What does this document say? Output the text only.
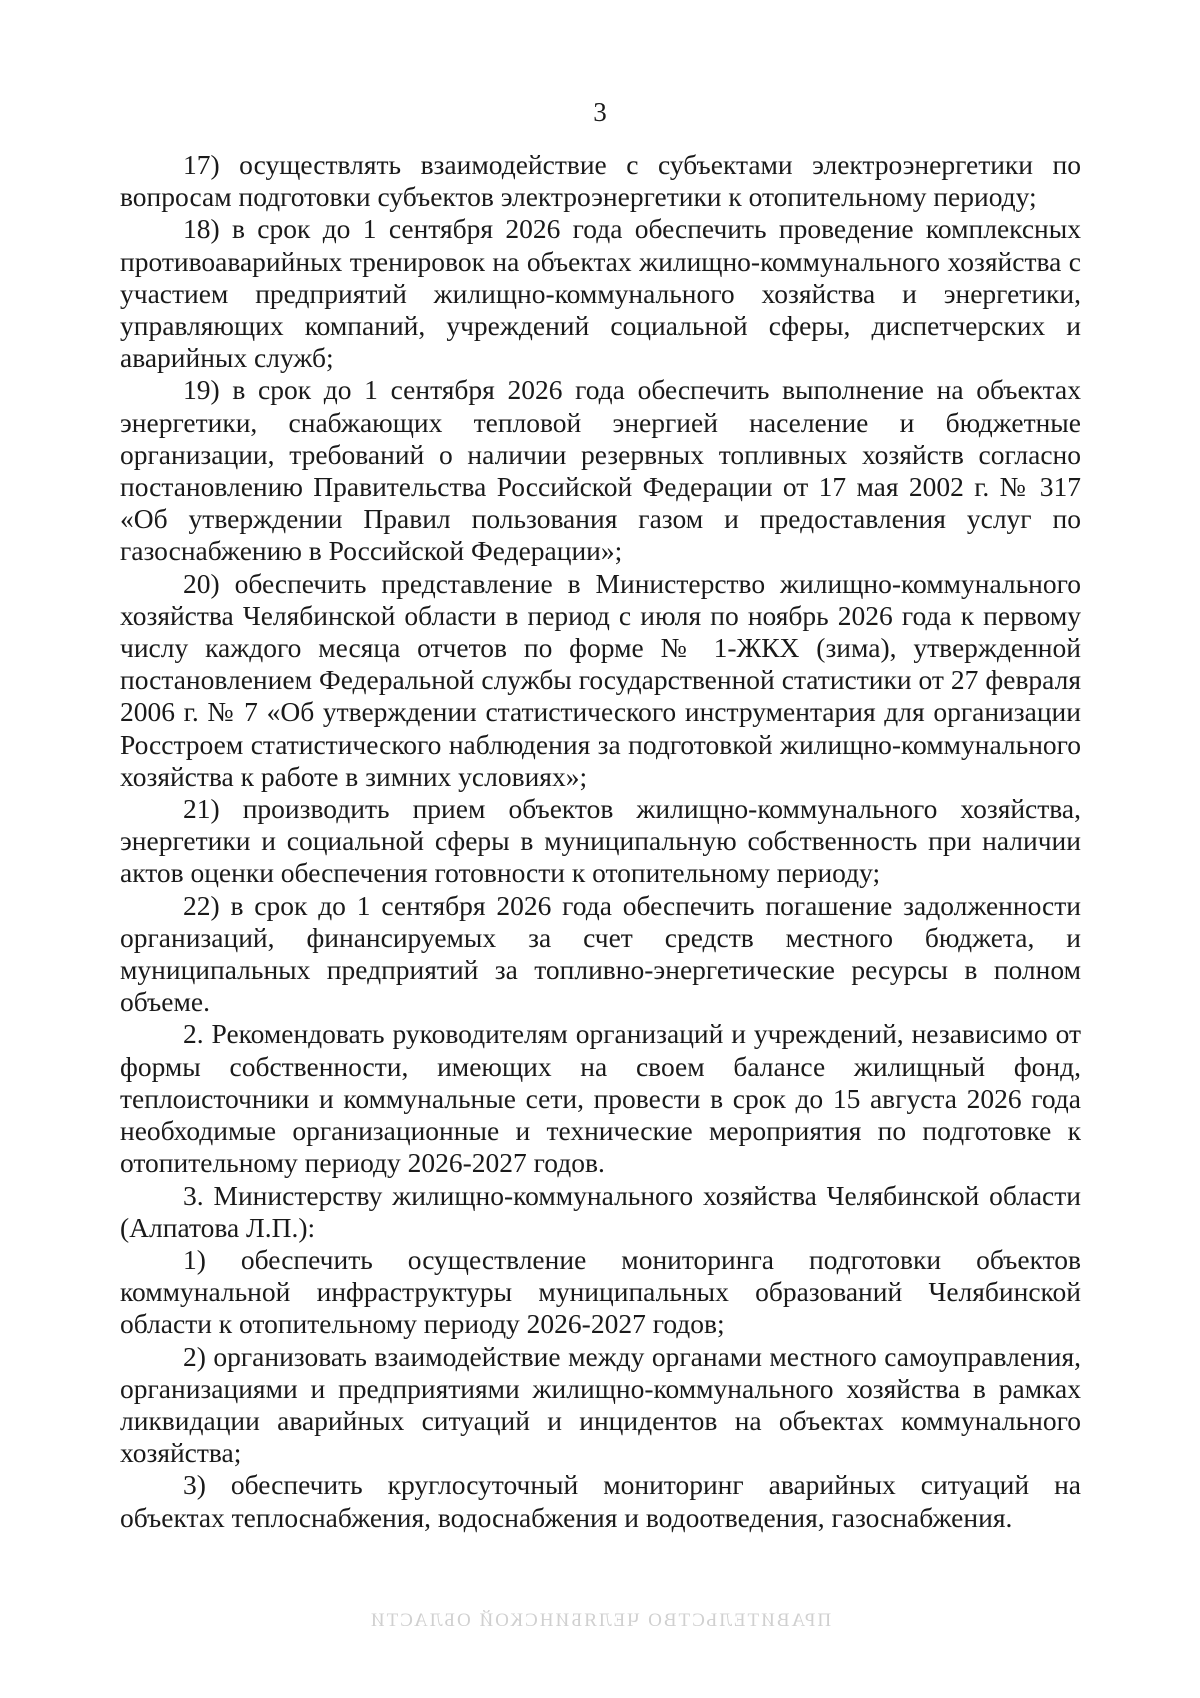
3

17) осуществлять взаимодействие с субъектами электроэнергетики по вопросам подготовки субъектов электроэнергетики к отопительному периоду;

18) в срок до 1 сентября 2026 года обеспечить проведение комплексных противоаварийных тренировок на объектах жилищно-коммунального хозяйства с участием предприятий жилищно-коммунального хозяйства и энергетики, управляющих компаний, учреждений социальной сферы, диспетчерских и аварийных служб;

19) в срок до 1 сентября 2026 года обеспечить выполнение на объектах энергетики, снабжающих тепловой энергией население и бюджетные организации, требований о наличии резервных топливных хозяйств согласно постановлению Правительства Российской Федерации от 17 мая 2002 г. № 317 «Об утверждении Правил пользования газом и предоставления услуг по газоснабжению в Российской Федерации»;

20) обеспечить представление в Министерство жилищно-коммунального хозяйства Челябинской области в период с июля по ноябрь 2026 года к первому числу каждого месяца отчетов по форме № 1-ЖКХ (зима), утвержденной постановлением Федеральной службы государственной статистики от 27 февраля 2006 г. № 7 «Об утверждении статистического инструментария для организации Росстроем статистического наблюдения за подготовкой жилищно-коммунального хозяйства к работе в зимних условиях»;

21) производить прием объектов жилищно-коммунального хозяйства, энергетики и социальной сферы в муниципальную собственность при наличии актов оценки обеспечения готовности к отопительному периоду;

22) в срок до 1 сентября 2026 года обеспечить погашение задолженности организаций, финансируемых за счет средств местного бюджета, и муниципальных предприятий за топливно-энергетические ресурсы в полном объеме.

2. Рекомендовать руководителям организаций и учреждений, независимо от формы собственности, имеющих на своем балансе жилищный фонд, теплоисточники и коммунальные сети, провести в срок до 15 августа 2026 года необходимые организационные и технические мероприятия по подготовке к отопительному периоду 2026-2027 годов.

3. Министерству жилищно-коммунального хозяйства Челябинской области (Алпатова Л.П.):

1) обеспечить осуществление мониторинга подготовки объектов коммунальной инфраструктуры муниципальных образований Челябинской области к отопительному периоду 2026-2027 годов;

2) организовать взаимодействие между органами местного самоуправления, организациями и предприятиями жилищно-коммунального хозяйства в рамках ликвидации аварийных ситуаций и инцидентов на объектах коммунального хозяйства;

3) обеспечить круглосуточный мониторинг аварийных ситуаций на объектах теплоснабжения, водоснабжения и водоотведения, газоснабжения.

ПРАВИТЕЛЬСТВО ЧЕЛЯБИНСКОЙ ОБЛАСТИ
